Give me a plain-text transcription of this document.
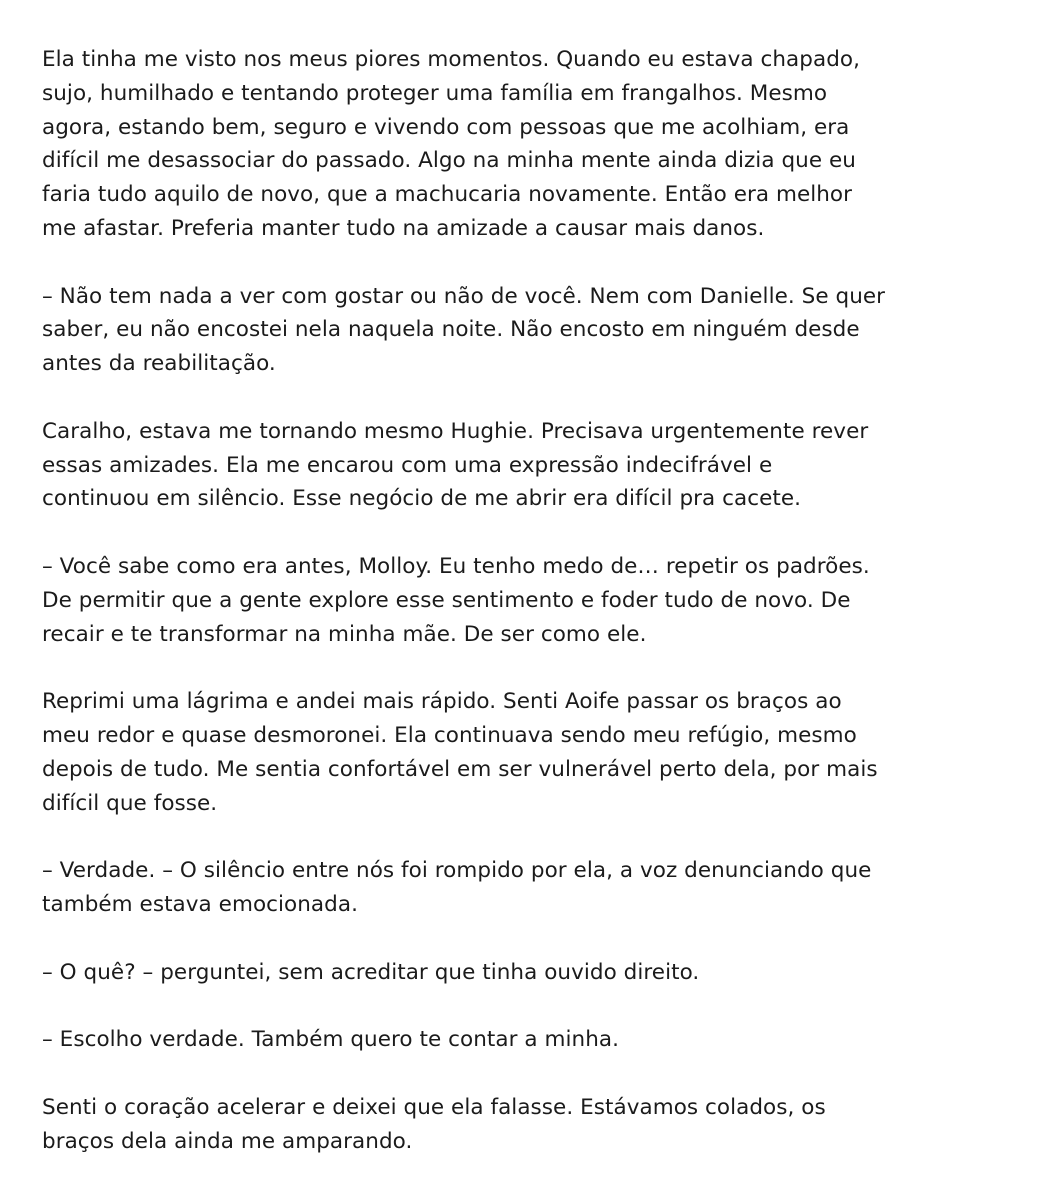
Ela tinha me visto nos meus piores momentos. Quando eu estava chapado,
sujo, humilhado e tentando proteger uma família em frangalhos. Mesmo
agora, estando bem, seguro e vivendo com pessoas que me acolhiam, era
difícil me desassociar do passado. Algo na minha mente ainda dizia que eu
faria tudo aquilo de novo, que a machucaria novamente. Então era melhor
me afastar. Preferia manter tudo na amizade a causar mais danos.

– Não tem nada a ver com gostar ou não de você. Nem com Danielle. Se quer
saber, eu não encostei nela naquela noite. Não encosto em ninguém desde
antes da reabilitação.

Caralho, estava me tornando mesmo Hughie. Precisava urgentemente rever
essas amizades. Ela me encarou com uma expressão indecifrável e
continuou em silêncio. Esse negócio de me abrir era difícil pra cacete.

– Você sabe como era antes, Molloy. Eu tenho medo de… repetir os padrões.
De permitir que a gente explore esse sentimento e foder tudo de novo. De
recair e te transformar na minha mãe. De ser como ele.

Reprimi uma lágrima e andei mais rápido. Senti Aoife passar os braços ao
meu redor e quase desmoronei. Ela continuava sendo meu refúgio, mesmo
depois de tudo. Me sentia confortável em ser vulnerável perto dela, por mais
difícil que fosse.

– Verdade. – O silêncio entre nós foi rompido por ela, a voz denunciando que
também estava emocionada.

– O quê? – perguntei, sem acreditar que tinha ouvido direito.

– Escolho verdade. Também quero te contar a minha.

Senti o coração acelerar e deixei que ela falasse. Estávamos colados, os
braços dela ainda me amparando.
